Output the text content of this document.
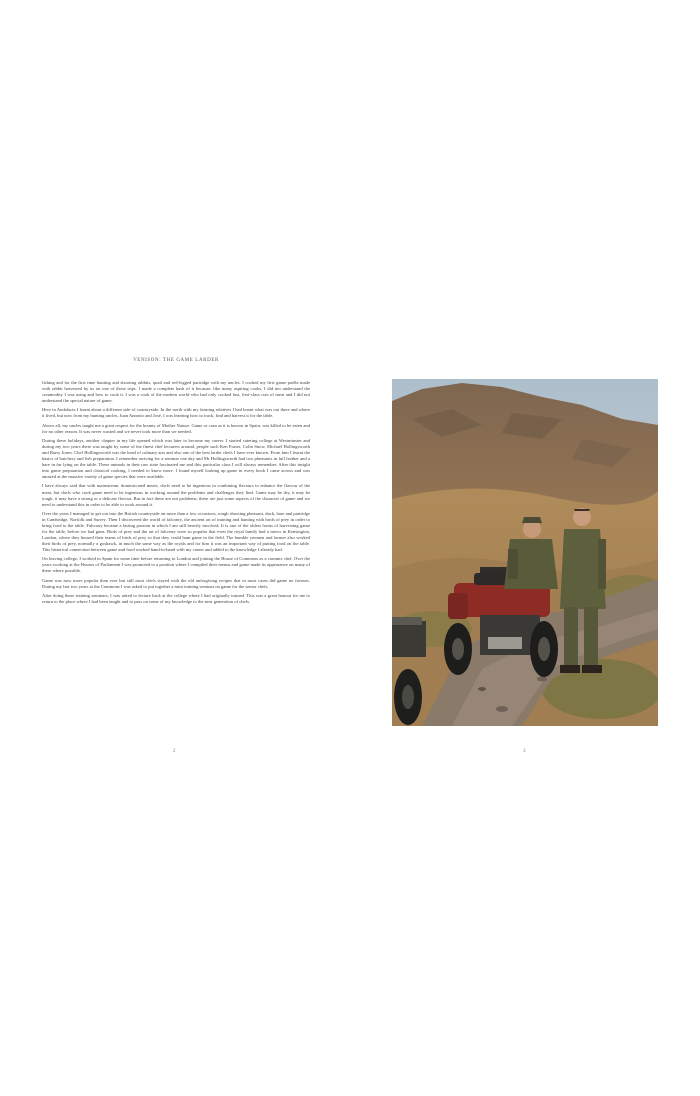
VENISON: THE GAME LARDER

fishing and for the first time hunting and shooting rabbits, quail and red-legged partridge with my uncles. I cooked my first game paella made with rabbit harvested by us on one of those trips. I made a complete hash of it because, like many aspiring cooks, I did not understand the commodity I was using and how to cook it. I was a cook of the modern world who had only cooked fast, first-class cuts of meat and I did not understand the special nature of game.

Here in Andalucia I learnt about a different side of countryside. In the north with my farming relatives I had learnt what was out there and where it lived, but now from my hunting uncles, Juan Antonio and José, I was learning how to track, find and harvest it for the table.

Above all, my uncles taught me a great respect for the bounty of Mother Nature. Game or caza as it is known in Spain, was killed to be eaten and for no other reason. It was never wasted and we never took more than we needed.

During these holidays, another chapter in my life opened which was later to become my career. I started catering college at Westminster and during my two years there was taught by some of the finest chef lecturers around, people such Ken Fraser, Colin Snow, Michael Hollingsworth and Barry Jones. Chef Hollingsworth was the head of culinary arts and also one of the best larder chefs I have ever known. From him I learnt the basics of butchery and fish preparation. I remember arriving for a seminar one day and Mr Hollingsworth had two pheasants in full feather and a hare in fur lying on the table. These animals in their raw state fascinated me and this particular class I will always remember. After this insight into game preparation and classical cooking, I needed to know more. I found myself looking up game in every book I came across and was amazed at the massive variety of game species that were available.

I have always said that with mainstream, domesticated meats, chefs need to be ingenious in combining flavours to enhance the flavour of the meat, but chefs who cook game need to be ingenious in working around the problems and challenges they find. Game may be dry, it may be tough, it may have a strong or a delicate flavour. But in fact these are not problems; these are just some aspects of the character of game and we need to understand this in order to be able to work around it.

Over the years I managed to get out into the British countryside on more than a few occasions, rough shooting pheasant, duck, hare and partridge in Cambridge, Norfolk and Surrey. Then I discovered the world of falconry, the ancient art of training and hunting with birds of prey in order to bring food to the table. Falconry became a lasting passion in which I am still heavily involved. It is one of the oldest forms of harvesting game for the table, before we had guns. Birds of prey and the art of falconry were so popular that even the royal family had a mews in Kensington, London, where they housed their teams of birds of prey so that they could hunt game in the field. The humble yeomen and farmer also worked their birds of prey, normally a goshawk, in much the same way as the royals and for him it was an important way of putting food on the table. This historical connection between game and food worked hand-in-hand with my career and added to the knowledge I already had.

On leaving college, I worked in Spain for some time before returning to London and joining the House of Commons as a commis chef. Over the years working at the Houses of Parliament I was promoted to a position where I compiled their menus and game made its appearance on many of these where possible.

Game was now more popular than ever but still most chefs stayed with the old unforgiving recipes that in most cases did game no favours. During my last two years at the Commons I was asked to put together a mini training seminar on game for the senior chefs.

After doing these training seminars, I was asked to lecture back at the college where I had originally trained. This was a great honour for me to return to the place where I had been taught and to pass on some of my knowledge to the next generation of chefs.

2	3
